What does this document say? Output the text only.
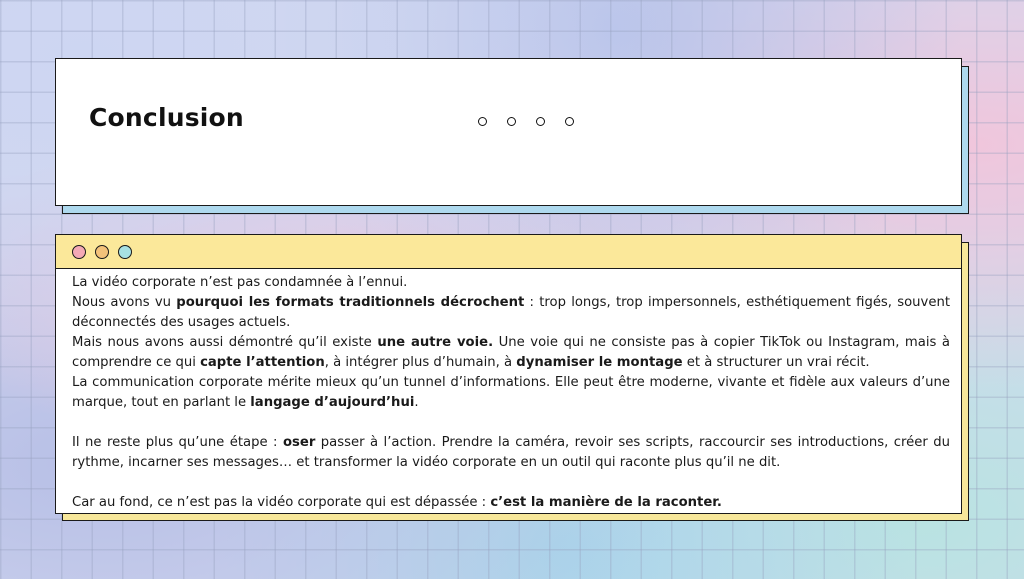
Conclusion

La vidéo corporate n’est pas condamnée à l’ennui.

Nous avons vu pourquoi les formats traditionnels décrochent : trop longs, trop impersonnels, esthétiquement figés, souvent déconnectés des usages actuels.

Mais nous avons aussi démontré qu’il existe une autre voie. Une voie qui ne consiste pas à copier TikTok ou Instagram, mais à comprendre ce qui capte l’attention, à intégrer plus d’humain, à dynamiser le montage et à structurer un vrai récit.

La communication corporate mérite mieux qu’un tunnel d’informations. Elle peut être moderne, vivante et fidèle aux valeurs d’une marque, tout en parlant le langage d’aujourd’hui.

Il ne reste plus qu’une étape : oser passer à l’action. Prendre la caméra, revoir ses scripts, raccourcir ses introductions, créer du rythme, incarner ses messages… et transformer la vidéo corporate en un outil qui raconte plus qu’il ne dit.

Car au fond, ce n’est pas la vidéo corporate qui est dépassée : c’est la manière de la raconter.
